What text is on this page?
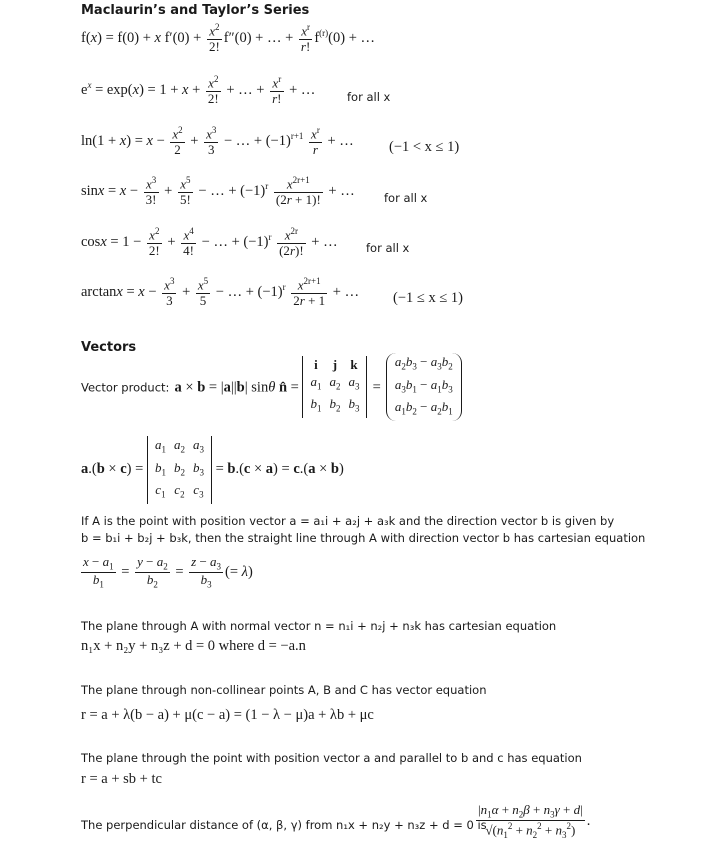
Maclaurin’s and Taylor’s Series
f(x) = f(0) + x $f'(0) + \frac{x^2}{2!} f''(0)$ + … + $\frac{x^r}{r!} f^{(r)}(0)$ + …
$e^x = \exp(x) = 1 + x + \frac{x^2}{2!}$ + … + $\frac{x^r}{r!}$ + …	for all x
$\ln(1 + x) = x - \frac{x^2}{2} + \frac{x^3}{3}$ − … + $(-1)^{r+1} \frac{x^r}{r}$ + … (−1 < x ≤ 1)
$\sin x = x - \frac{x^3}{3!} + \frac{x^5}{5!}$ − … + $(-1)^r \frac{x^{2r+1}}{(2r + 1)!}$ + …	for all x
$\cos x = 1 - \frac{x^2}{2!} + \frac{x^4}{4!}$ − … + $(-1)^r \frac{x^{2r}}{(2r)!}$ + … for all x
$\arctan x = x - \frac{x^3}{3} + \frac{x^5}{5}$ − … + $(-1)^r \frac{x^{2r+1}}{2r + 1}$ + … (−1 ≤ x ≤ 1)
Vectors
Vector product: a × b = |a||b| sinθ n̂ =
i	j	k
$a_1$	$a_2$	$a_3$
$b_1$	$b_2$	$b_3$
=
$a_2b_3 - a_3b_2$
$a_3b_1 - a_1b_3$
$a_1b_2 - a_2b_1$
a.(b × c) =
$a_1$	$a_2$	$a_3$
$b_1$	$b_2$	$b_3$
$c_1$	$c_2$	$c_3$
= b.(c × a) = c.(a × b)
If A is the point with position vector a = a₁i + a₂j + a₃k and the direction vector b is given by
b = b₁i + b₂j + b₃k, then the straight line through A with direction vector b has cartesian equation
$\frac{x - a_1}{b_1} = \frac{y - a_2}{b_2} = \frac{z - a_3}{b_3}$ (= λ)
The plane through A with normal vector n = n₁i + n₂j + n₃k has cartesian equation
n₁x + n₂y + n₃z + d = 0 where d = −a.n
The plane through non-collinear points A, B and C has vector equation
r = a + λ(b − a) + μ(c − a) = (1 − λ − μ)a + λb + μc
The plane through the point with position vector a and parallel to b and c has equation
r = a + sb + tc
The perpendicular distance of (α, β, γ) from n₁x + n₂y + n₃z + d = 0 is
$\frac{|n_1\alpha + n_2\beta + n_3\gamma + d|}{√(n_1^2 + n_2^2 + n_3^2)}$ .
